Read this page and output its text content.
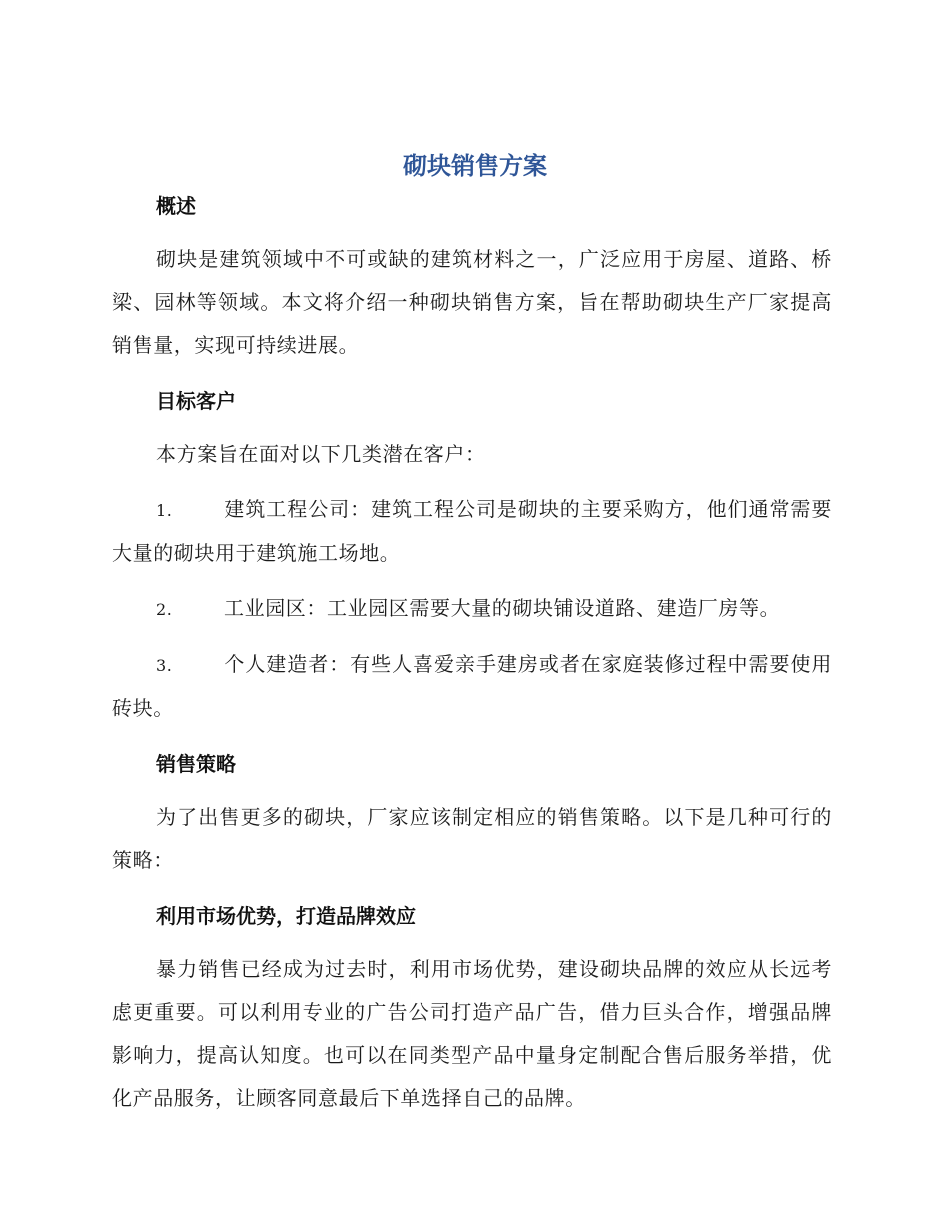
砌块销售方案
概述

砌块是建筑领域中不可或缺的建筑材料之一，广泛应用于房屋、道路、桥梁、园林等领域。本文将介绍一种砌块销售方案，旨在帮助砌块生产厂家提高销售量，实现可持续进展。

目标客户

本方案旨在面对以下几类潜在客户：

1.	建筑工程公司：建筑工程公司是砌块的主要采购方，他们通常需要大量的砌块用于建筑施工场地。

2.	工业园区：工业园区需要大量的砌块铺设道路、建造厂房等。

3.	个人建造者：有些人喜爱亲手建房或者在家庭装修过程中需要使用砖块。

销售策略

为了出售更多的砌块，厂家应该制定相应的销售策略。以下是几种可行的策略：

利用市场优势，打造品牌效应

暴力销售已经成为过去时，利用市场优势，建设砌块品牌的效应从长远考虑更重要。可以利用专业的广告公司打造产品广告，借力巨头合作，增强品牌影响力，提高认知度。也可以在同类型产品中量身定制配合售后服务举措，优化产品服务，让顾客同意最后下单选择自己的品牌。
